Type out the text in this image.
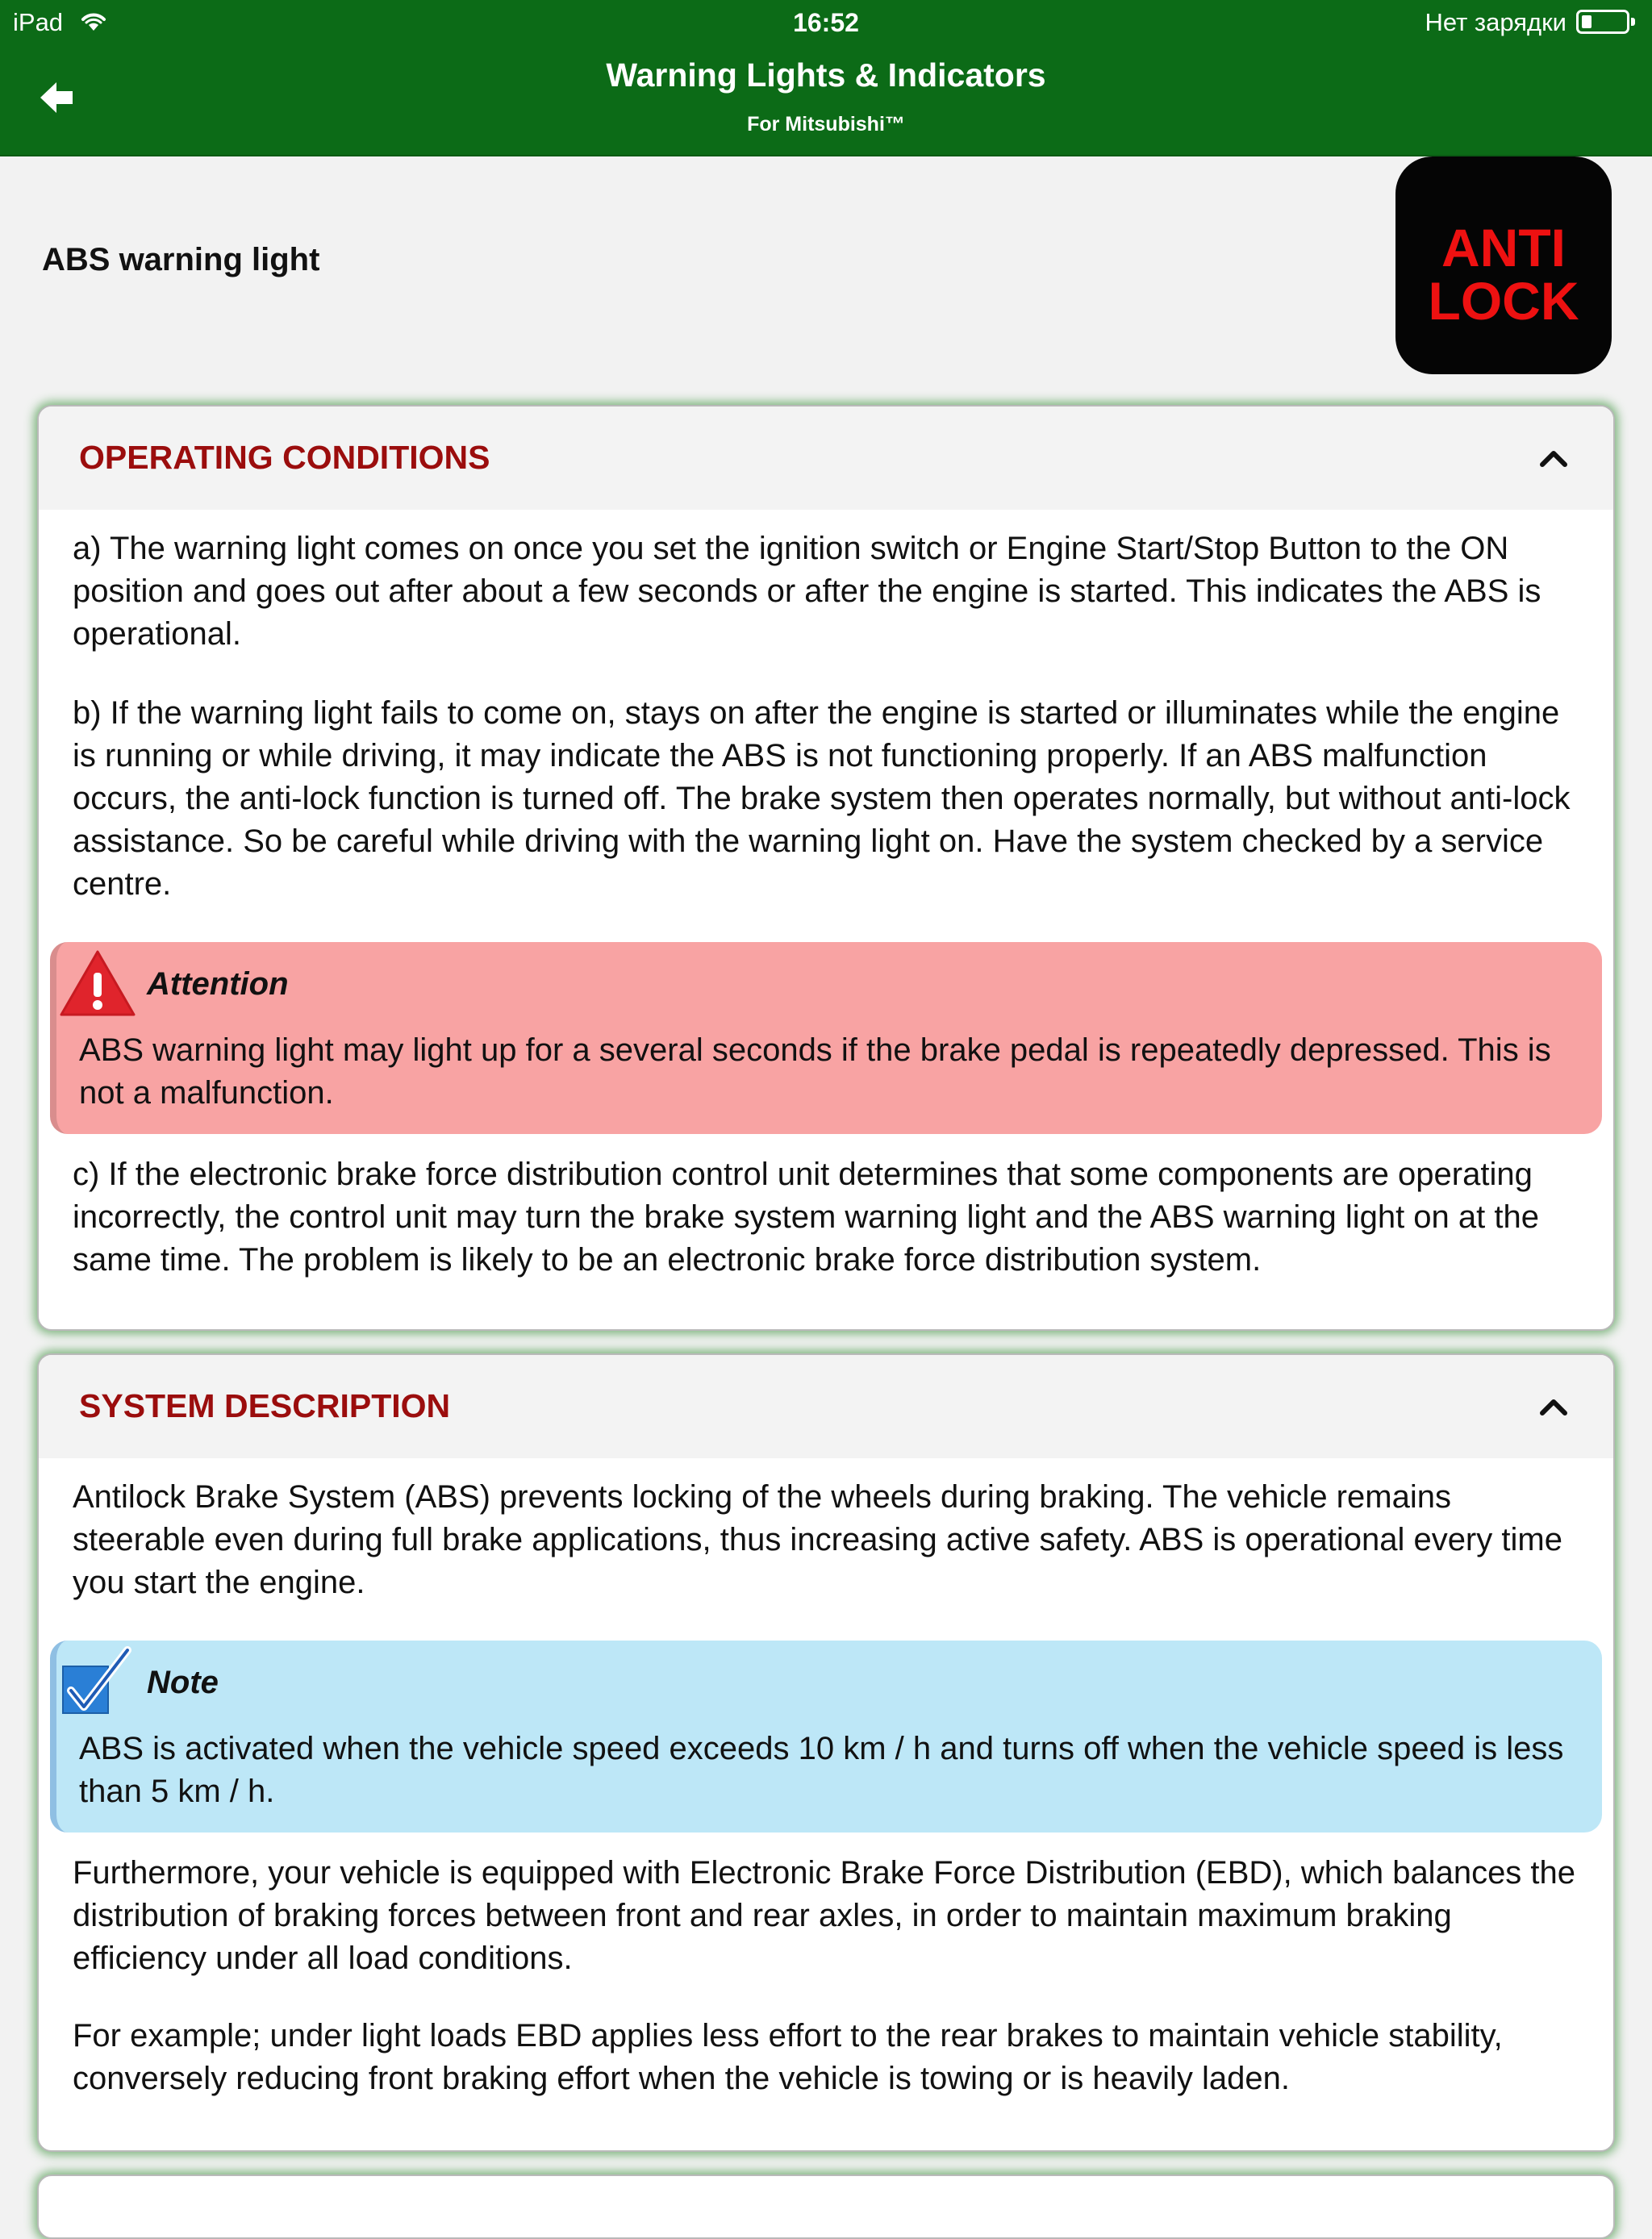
iPad	16:52	Нет зарядки
Warning Lights & Indicators
For Mitsubishi™
ABS warning light	ANTI
LOCK
OPERATING CONDITIONS
a) The warning light comes on once you set the ignition switch or Engine Start/Stop Button to the ON position and goes out after about a few seconds or after the engine is started. This indicates the ABS is operational.
b) If the warning light fails to come on, stays on after the engine is started or illuminates while the engine is running or while driving, it may indicate the ABS is not functioning properly. If an ABS malfunction occurs, the anti-lock function is turned off. The brake system then operates normally, but without anti-lock assistance. So be careful while driving with the warning light on. Have the system checked by a service centre.
Attention
ABS warning light may light up for a several seconds if the brake pedal is repeatedly depressed. This is not a malfunction.
c) If the electronic brake force distribution control unit determines that some components are operating incorrectly, the control unit may turn the brake system warning light and the ABS warning light on at the same time. The problem is likely to be an electronic brake force distribution system.
SYSTEM DESCRIPTION
Antilock Brake System (ABS) prevents locking of the wheels during braking. The vehicle remains steerable even during full brake applications, thus increasing active safety. ABS is operational every time you start the engine.
Note
ABS is activated when the vehicle speed exceeds 10 km / h and turns off when the vehicle speed is less than 5 km / h.
Furthermore, your vehicle is equipped with Electronic Brake Force Distribution (EBD), which balances the distribution of braking forces between front and rear axles, in order to maintain maximum braking efficiency under all load conditions.
For example; under light loads EBD applies less effort to the rear brakes to maintain vehicle stability, conversely reducing front braking effort when the vehicle is towing or is heavily laden.
